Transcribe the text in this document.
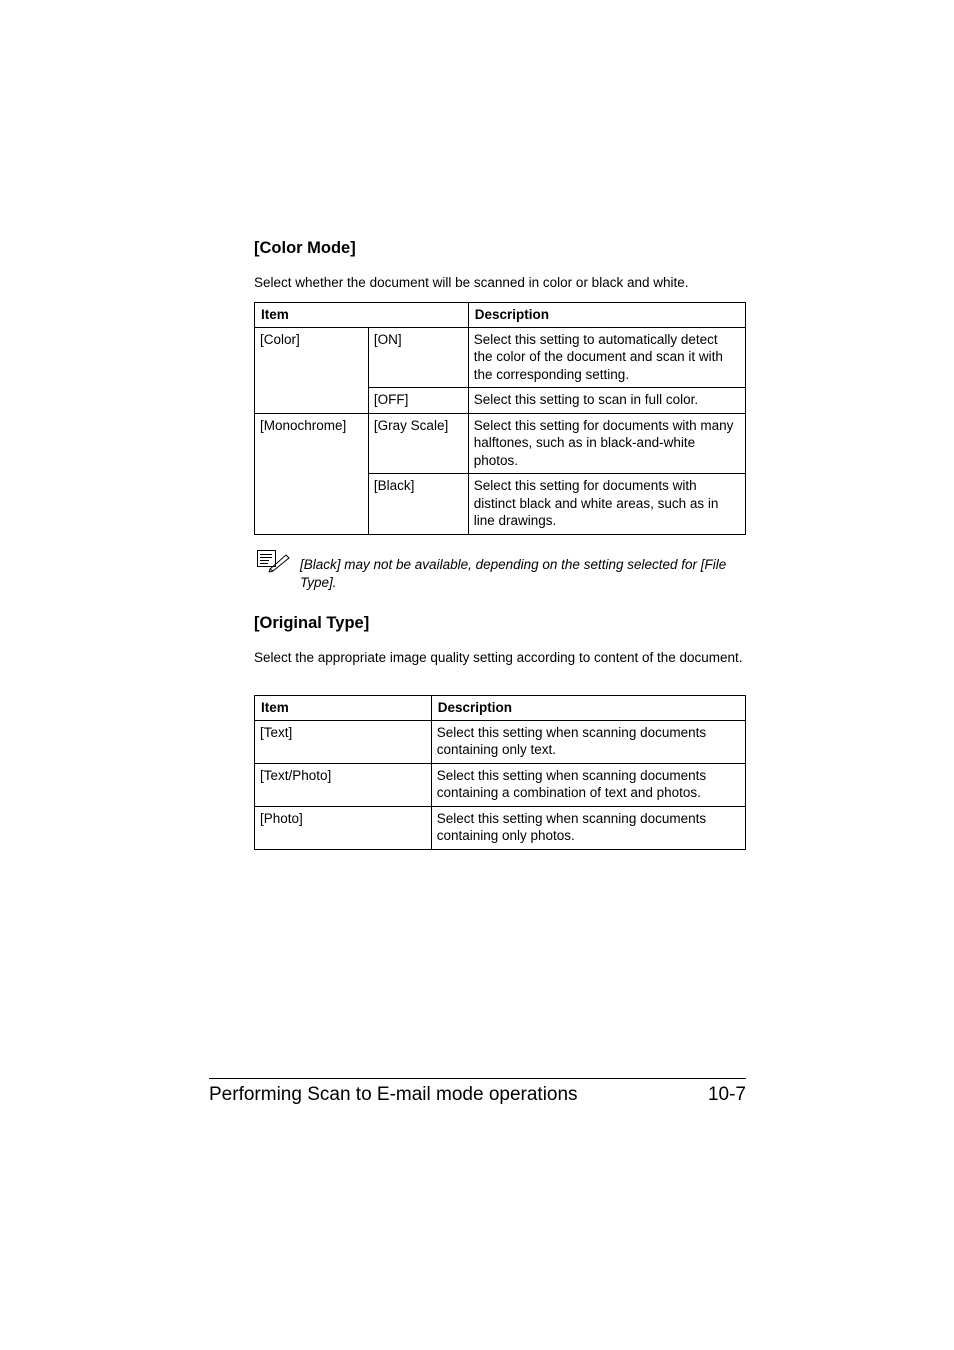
[Color Mode]

Select whether the document will be scanned in color or black and white.

Item		Description
[Color]	[ON]	Select this setting to automatically detect the color of the document and scan it with the corresponding setting.
	[OFF]	Select this setting to scan in full color.
[Monochrome]	[Gray Scale]	Select this setting for documents with many halftones, such as in black-and-white photos.
	[Black]	Select this setting for documents with distinct black and white areas, such as in line drawings.

[Black] may not be available, depending on the setting selected for [File Type].

[Original Type]

Select the appropriate image quality setting according to content of the document.

Item	Description
[Text]	Select this setting when scanning documents containing only text.
[Text/Photo]	Select this setting when scanning documents containing a combination of text and photos.
[Photo]	Select this setting when scanning documents containing only photos.

Performing Scan to E-mail mode operations	10-7
